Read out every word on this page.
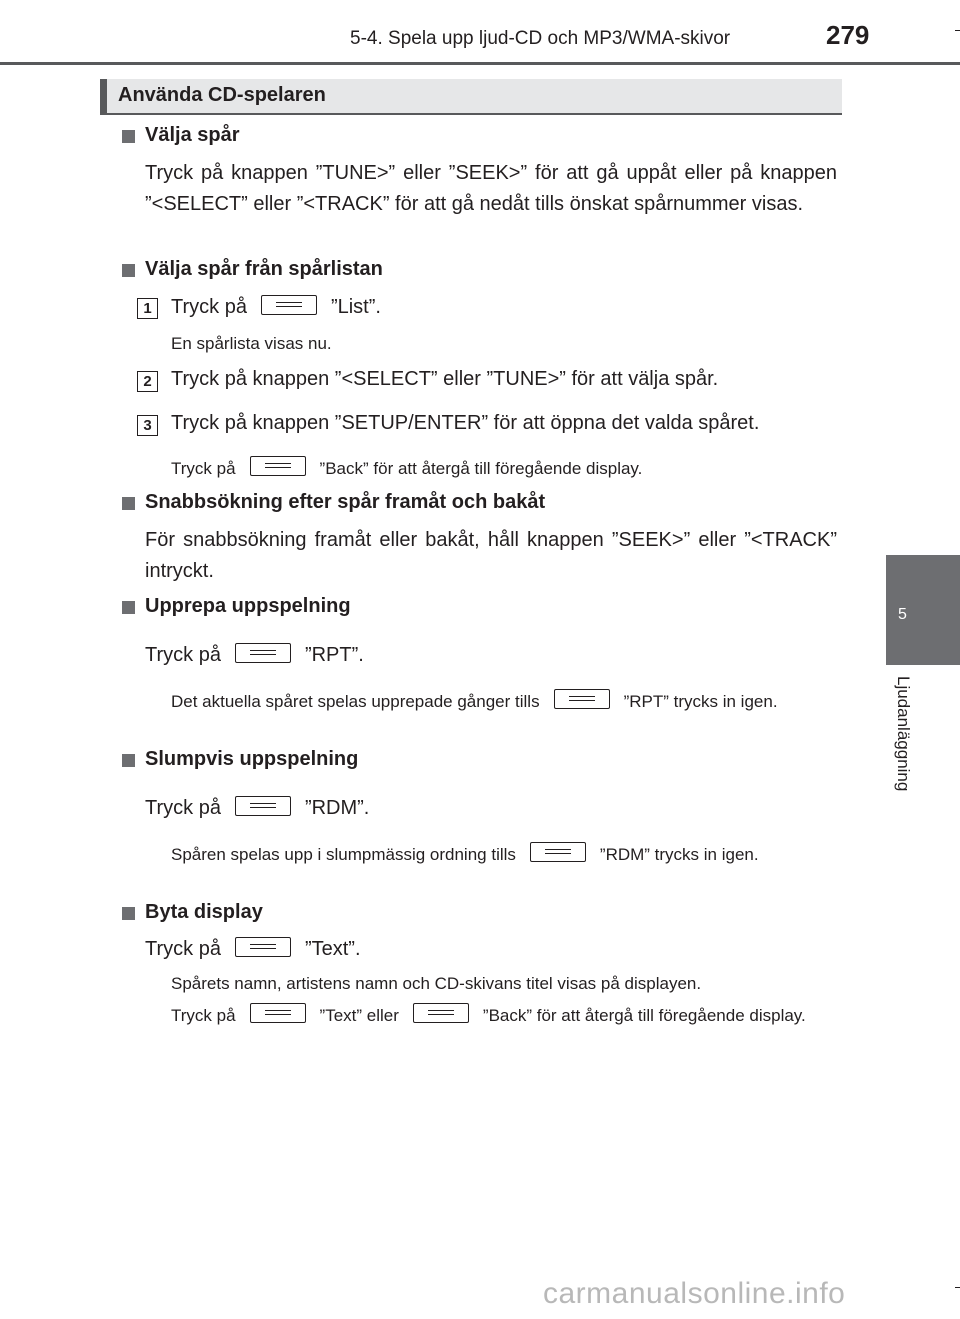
5-4. Spela upp ljud-CD och MP3/WMA-skivor	279
5
Ljudanläggning
Använda CD-spelaren
Välja spår
Tryck på knappen ”TUNE>” eller ”SEEK>” för att gå uppåt eller på knappen ”<SELECT” eller ”<TRACK” för att gå nedåt tills önskat spårnummer visas.
Välja spår från spårlistan
1 Tryck på	”List”.
En spårlista visas nu.
2 Tryck på knappen ”<SELECT” eller ”TUNE>” för att välja spår.
3 Tryck på knappen ”SETUP/ENTER” för att öppna det valda spåret.
Tryck på	”Back” för att återgå till föregående display.
Snabbsökning efter spår framåt och bakåt
För snabbsökning framåt eller bakåt, håll knappen ”SEEK>” eller ”<TRACK” intryckt.
Upprepa uppspelning
Tryck på	”RPT”.
Det aktuella spåret spelas upprepade gånger tills	”RPT” trycks in igen.
Slumpvis uppspelning
Tryck på	”RDM”.
Spåren spelas upp i slumpmässig ordning tills	”RDM” trycks in igen.
Byta display
Tryck på	”Text”.
Spårets namn, artistens namn och CD-skivans titel visas på displayen.
Tryck på	”Text” eller	”Back” för att återgå till föregående display.
carmanualsonline.info
